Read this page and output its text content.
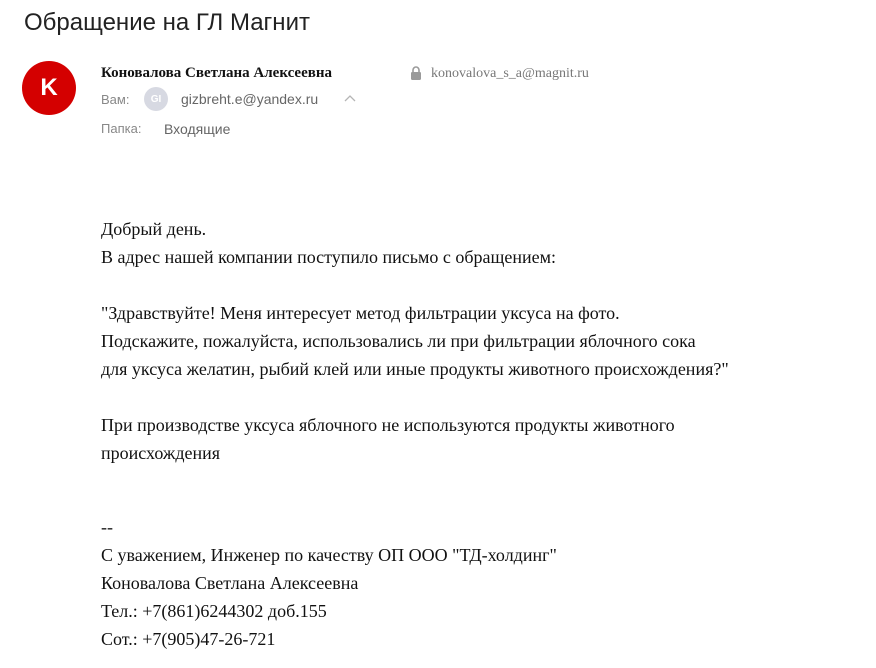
Обращение на ГЛ Магнит
K
Коновалова Светлана Алексеевна	konovalova_s_a@magnit.ru
Вам: GI gizbreht.e@yandex.ru
Папка: Входящие
Добрый день.
В адрес нашей компании поступило письмо с обращением:
"Здравствуйте! Меня интересует метод фильтрации уксуса на фото.
Подскажите, пожалуйста, использовались ли при фильтрации яблочного сока
для уксуса желатин, рыбий клей или иные продукты животного происхождения?"
При производстве уксуса яблочного не используются продукты животного
происхождения
--
С уважением, Инженер по качеству ОП ООО "ТД-холдинг"
Коновалова Светлана Алексеевна
Тел.: +7(861)6244302 доб.155
Сот.: +7(905)47-26-721
